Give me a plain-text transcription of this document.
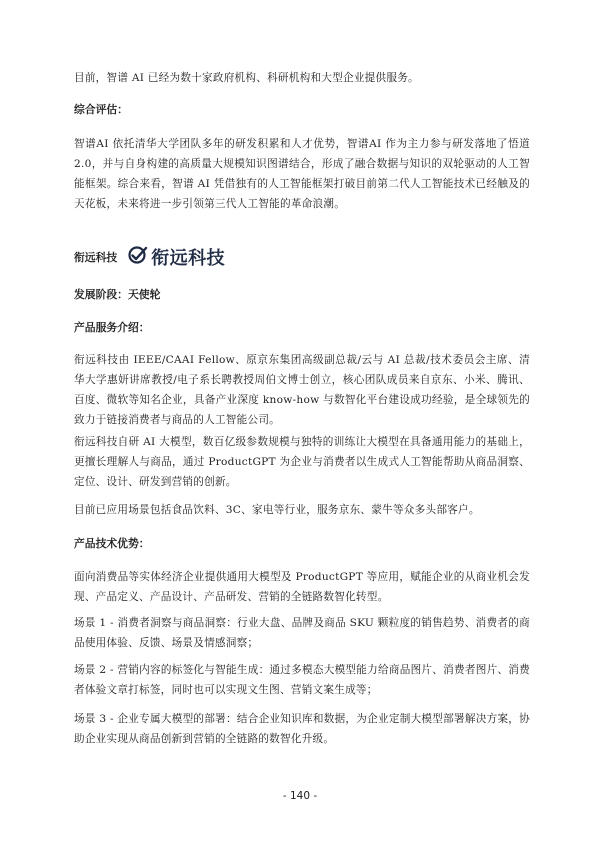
目前，智谱 AI 已经为数十家政府机构、科研机构和大型企业提供服务。

综合评估：

智谱AI 依托清华大学团队多年的研发积累和人才优势，智谱AI 作为主力参与研发落地了悟道 2.0，并与自身构建的高质量大规模知识图谱结合，形成了融合数据与知识的双轮驱动的人工智能框架。综合来看，智谱 AI 凭借独有的人工智能框架打破目前第二代人工智能技术已经触及的天花板，未来将进一步引领第三代人工智能的革命浪潮。

衔远科技 衔远科技

发展阶段：天使轮

产品服务介绍：

衔远科技由 IEEE/CAAI Fellow、原京东集团高级副总裁/云与 AI 总裁/技术委员会主席、清华大学惠妍讲席教授/电子系长聘教授周伯文博士创立，核心团队成员来自京东、小米、腾讯、百度、微软等知名企业，具备产业深度 know-how 与数智化平台建设成功经验，是全球领先的致力于链接消费者与商品的人工智能公司。

衔远科技自研 AI 大模型，数百亿级参数规模与独特的训练让大模型在具备通用能力的基础上，更擅长理解人与商品，通过 ProductGPT 为企业与消费者以生成式人工智能帮助从商品洞察、定位、设计、研发到营销的创新。

目前已应用场景包括食品饮料、3C、家电等行业，服务京东、蒙牛等众多头部客户。

产品技术优势：

面向消费品等实体经济企业提供通用大模型及 ProductGPT 等应用，赋能企业的从商业机会发现、产品定义、产品设计、产品研发、营销的全链路数智化转型。

场景 1 - 消费者洞察与商品洞察：行业大盘、品牌及商品 SKU 颗粒度的销售趋势、消费者的商品使用体验、反馈、场景及情感洞察；

场景 2 - 营销内容的标签化与智能生成：通过多模态大模型能力给商品图片、消费者图片、消费者体验文章打标签，同时也可以实现文生图、营销文案生成等；

场景 3 - 企业专属大模型的部署：结合企业知识库和数据，为企业定制大模型部署解决方案，协助企业实现从商品创新到营销的全链路的数智化升级。

- 140 -
